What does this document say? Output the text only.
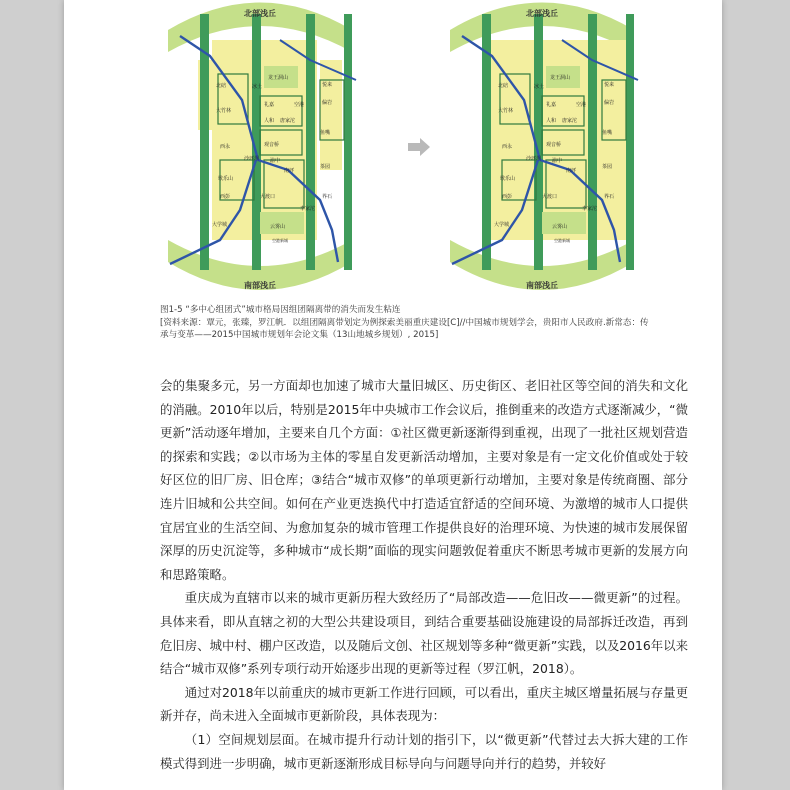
北部浅丘
南部浅丘
龙王洞山
冰土
北碚	悦来
空港
礼嘉
人和 唐家沱
偏岩
大竹林
鱼嘴
西永	观音桥
沙坪坝 渝中
南坪
茶园
歌乐山
西彭	大渡口	界石
李家沱
大学城	云雾山
空港新城
北部浅丘
南部浅丘
龙王洞山
冰土
北碚	悦来
空港
礼嘉
人和 唐家沱
偏岩
大竹林
鱼嘴
西永	观音桥
沙坪坝 渝中
南坪
茶园
歌乐山
西彭	大渡口	界石
李家沱
大学城	云雾山
空港新城

图1-5 “多中心组团式”城市格局因组团隔离带的消失而发生粘连

[资料来源：覃元，张臻，罗江帆．以组团隔离带划定为例探索美丽重庆建设[C]//中国城市规划学会，贵阳市人民政府.新常态：传

承与变革——2015中国城市规划年会论文集（13山地城乡规划）, 2015]

会的集聚多元，另一方面却也加速了城市大量旧城区、历史街区、老旧社区等空间的消失和文化的消融。2010年以后，特别是2015年中央城市工作会议后，推倒重来的改造方式逐渐减少，“微更新”活动逐年增加，主要来自几个方面：①社区微更新逐渐得到重视，出现了一批社区规划营造的探索和实践；②以市场为主体的零星自发更新活动增加，主要对象是有一定文化价值或处于较好区位的旧厂房、旧仓库；③结合“城市双修”的单项更新行动增加，主要对象是传统商圈、部分连片旧城和公共空间。如何在产业更迭换代中打造适宜舒适的空间环境、为激增的城市人口提供宜居宜业的生活空间、为愈加复杂的城市管理工作提供良好的治理环境、为快速的城市发展保留深厚的历史沉淀等，多种城市“成长期”面临的现实问题敦促着重庆不断思考城市更新的发展方向和思路策略。

重庆成为直辖市以来的城市更新历程大致经历了“局部改造——危旧改——微更新”的过程。具体来看，即从直辖之初的大型公共建设项目，到结合重要基础设施建设的局部拆迁改造，再到危旧房、城中村、棚户区改造，以及随后文创、社区规划等多种“微更新”实践，以及2016年以来结合“城市双修”系列专项行动开始逐步出现的更新等过程（罗江帆，2018）。

通过对2018年以前重庆的城市更新工作进行回顾，可以看出，重庆主城区增量拓展与存量更新并存，尚未进入全面城市更新阶段，具体表现为：

（1）空间规划层面。在城市提升行动计划的指引下，以“微更新”代替过去大拆大建的工作模式得到进一步明确，城市更新逐渐形成目标导向与问题导向并行的趋势，并较好
